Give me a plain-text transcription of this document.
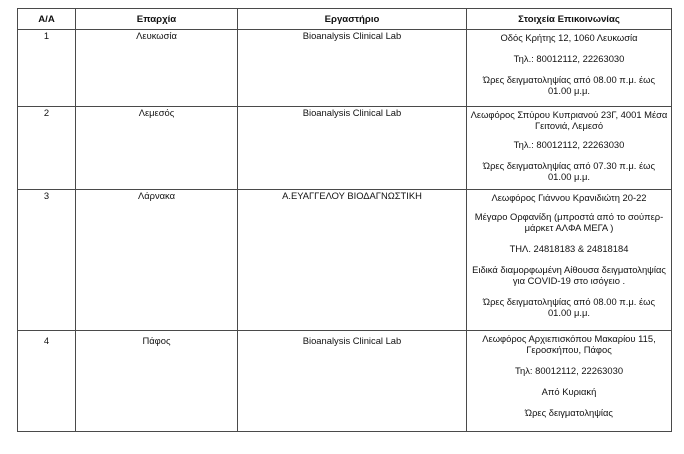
Α/Α	Επαρχία	Εργαστήριο	Στοιχεία Επικοινωνίας

1	Λευκωσία	Bioanalysis Clinical Lab	Οδός Κρήτης 12, 1060 Λευκωσία
Τηλ.: 80012112, 22263030
Ώρες δειγματοληψίας από 08.00 π.μ. έως 01.00 μ.μ.

2	Λεμεσός	Bioanalysis Clinical Lab	Λεωφόρος Σπύρου Κυπριανού 23Γ, 4001 Μέσα Γειτονιά, Λεμεσό
Τηλ.: 80012112, 22263030
Ώρες δειγματοληψίας από 07.30 π.μ. έως 01.00 μ.μ.

3	Λάρνακα	Α.ΕΥΑΓΓΕΛΟΥ ΒΙΟΔΑΓΝΩΣΤΙΚΗ	Λεωφόρος Γιάννου Κρανιδιώτη 20-22
Μέγαρο Ορφανίδη (μπροστά από το σούπερ-μάρκετ ΑΛΦΑ ΜΕΓΑ )
ΤΗΛ. 24818183 & 24818184
Ειδικά διαμορφωμένη Αίθουσα δειγματοληψίας για COVID-19 στο ισόγειο .
Ώρες δειγματοληψίας από 08.00 π.μ. έως 01.00 μ.μ.

4	Πάφος	Bioanalysis Clinical Lab	Λεωφόρος Αρχιεπισκόπου Μακαρίου 115, Γεροσκήπου, Πάφος
Τηλ: 80012112, 22263030
Από Κυριακή
Ώρες δειγματοληψίας
